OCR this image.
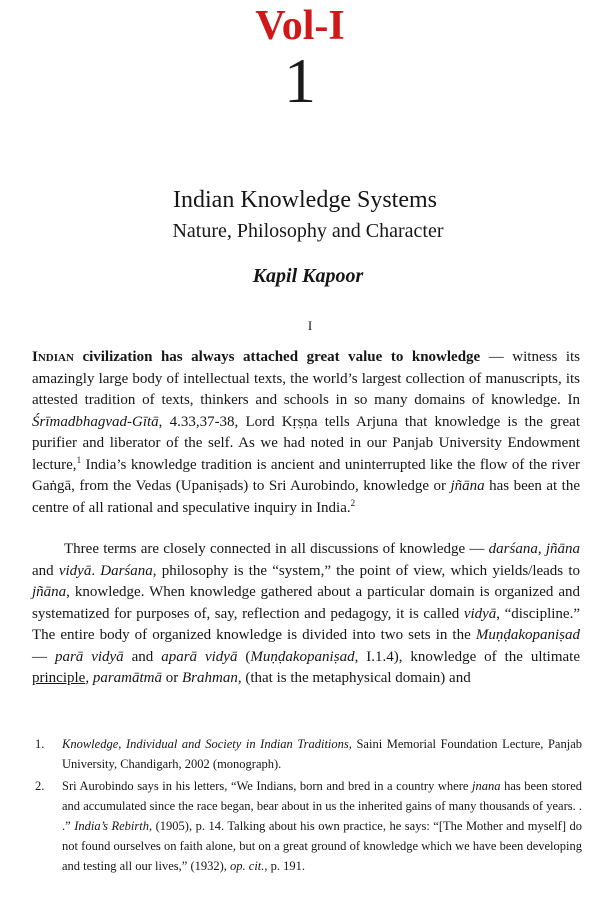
Vol-I
1
Indian Knowledge Systems
Nature, Philosophy and Character
Kapil Kapoor
I

Indian civilization has always attached great value to knowledge — witness its amazingly large body of intellectual texts, the world’s largest collection of manuscripts, its attested tradition of texts, thinkers and schools in so many domains of knowledge. In Śrīmadbhagvad-Gītā, 4.33,37-38, Lord Kṛṣṇa tells Arjuna that knowledge is the great purifier and liberator of the self. As we had noted in our Panjab University Endowment lecture,$^1$ India’s knowledge tradition is ancient and uninterrupted like the flow of the river Gaṅgā, from the Vedas (Upaniṣads) to Sri Aurobindo, knowledge or jñāna has been at the centre of all rational and speculative inquiry in India.$^2$

Three terms are closely connected in all discussions of knowledge — darśana, jñāna and vidyā. Darśana, philosophy is the “system,” the point of view, which yields/leads to jñāna, knowledge. When knowledge gathered about a particular domain is organized and systematized for purposes of, say, reflection and pedagogy, it is called vidyā, “discipline.” The entire body of organized knowledge is divided into two sets in the Muṇḍakopaniṣad — parā vidyā and aparā vidyā (Muṇḍakopaniṣad, I.1.4), knowledge of the ultimate principle, paramātmā or Brahman, (that is the metaphysical domain) and

1. Knowledge, Individual and Society in Indian Traditions, Saini Memorial Foundation Lecture, Panjab University, Chandigarh, 2002 (monograph).

2. Sri Aurobindo says in his letters, “We Indians, born and bred in a country where jnana has been stored and accumulated since the race began, bear about in us the inherited gains of many thousands of years. . .” India’s Rebirth, (1905), p. 14. Talking about his own practice, he says: “[The Mother and myself] do not found ourselves on faith alone, but on a great ground of knowledge which we have been developing and testing all our lives,” (1932), op. cit., p. 191.
